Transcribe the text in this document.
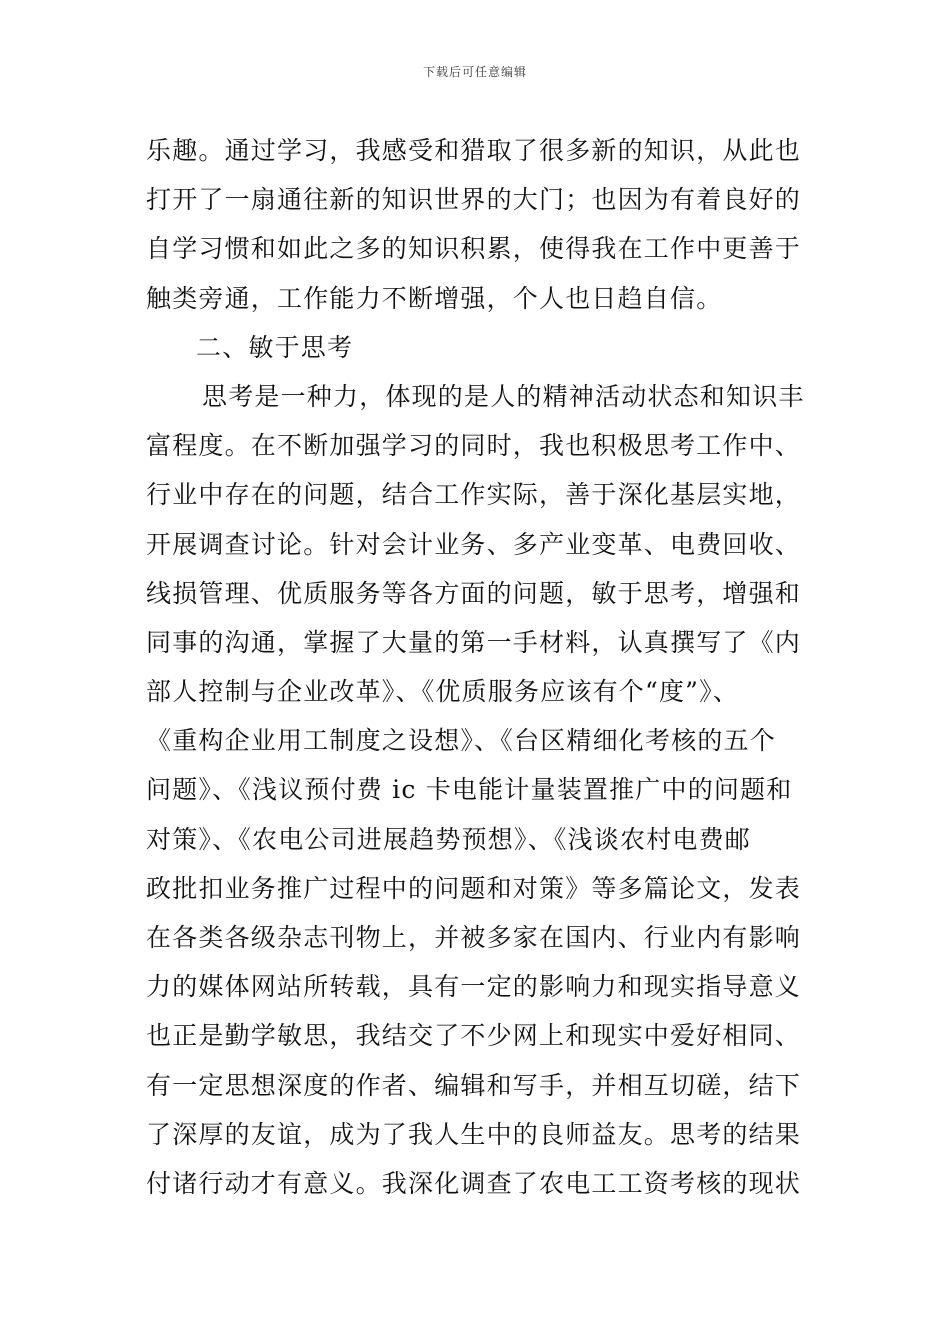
下载后可任意编辑
乐趣。通过学习，我感受和猎取了很多新的知识，从此也
打开了一扇通往新的知识世界的大门；也因为有着良好的
自学习惯和如此之多的知识积累，使得我在工作中更善于
触类旁通，工作能力不断增强，个人也日趋自信。
二、敏于思考
思考是一种力，体现的是人的精神活动状态和知识丰
富程度。在不断加强学习的同时，我也积极思考工作中、
行业中存在的问题，结合工作实际，善于深化基层实地，
开展调查讨论。针对会计业务、多产业变革、电费回收、
线损管理、优质服务等各方面的问题，敏于思考，增强和
同事的沟通，掌握了大量的第一手材料，认真撰写了《内
部人控制与企业改革》、《优质服务应该有个“度”》、
《重构企业用工制度之设想》、《台区精细化考核的五个
问题》、《浅议预付费 ic 卡电能计量装置推广中的问题和
对策》、《农电公司进展趋势预想》、《浅谈农村电费邮
政批扣业务推广过程中的问题和对策》等多篇论文，发表
在各类各级杂志刊物上，并被多家在国内、行业内有影响
力的媒体网站所转载，具有一定的影响力和现实指导意义
也正是勤学敏思，我结交了不少网上和现实中爱好相同、
有一定思想深度的作者、编辑和写手，并相互切磋，结下
了深厚的友谊，成为了我人生中的良师益友。思考的结果
付诸行动才有意义。我深化调查了农电工工资考核的现状
